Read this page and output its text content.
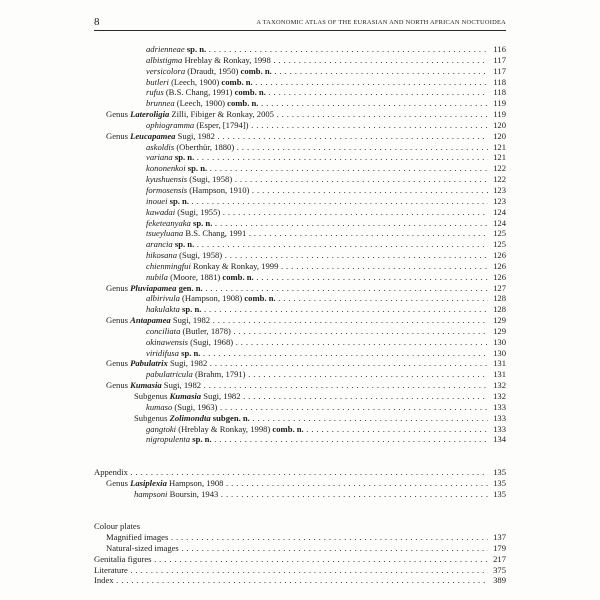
8	A TAXONOMIC ATLAS OF THE EURASIAN AND NORTH AFRICAN NOCTUOIDEA
adrienneae sp. n. . . .	116
albistigma Hreblay & Ronkay, 1998 . . .	117
versicolora (Draudt, 1950) comb. n. . . .	117
butleri (Leech, 1900) comb. n. . . .	118
rufus (B.S. Chang, 1991) comb. n. . . .	118
brunnea (Leech, 1900) comb. n. . . .	119
Genus Lateroligia Zilli, Fibiger & Ronkay, 2005 . . .	119
ophiogramma (Esper, [1794]) . . .	120
Genus Leucapamea Sugi, 1982 . . .	120
askoldis (Oberthür, 1880) . . .	121
variana sp. n. . . .	121
kononenkoi sp. n. . . .	122
kyushuensis (Sugi, 1958) . . .	122
formosensis (Hampson, 1910) . . .	123
inouei sp. n. . . .	123
kawadai (Sugi, 1955) . . .	124
feketeanyaka sp. n. . . .	124
tsueyluana B.S. Chang, 1991 . . .	125
arancia sp. n. . . .	125
hikosana (Sugi, 1958) . . .	126
chienmingfui Ronkay & Ronkay, 1999 . . .	126
nubila (Moore, 1881) comb. n. . . .	126
Genus Pluviapamea gen. n. . . .	127
albirivula (Hampson, 1908) comb. n. . . .	128
hakulakta sp. n. . . .	128
Genus Antapamea Sugi, 1982 . . .	129
conciliata (Butler, 1878) . . .	129
okinawensis (Sugi, 1968) . . .	130
viridifusa sp. n. . . .	130
Genus Pabulatrix Sugi, 1982 . . .	131
pabulatricula (Brahm, 1791) . . .	131
Genus Kumasia Sugi, 1982 . . .	132
Subgenus Kumasia Sugi, 1982 . . .	132
kumaso (Sugi, 1963) . . .	133
Subgenus Zolimondta subgen. n. . . .	133
gangtoki (Hreblay & Ronkay, 1998) comb. n. . . .	133
nigropulenta sp. n. . . .	134
Appendix . . .	135
Genus Lasiplexia Hampson, 1908 . . .	135
hampsoni Boursin, 1943 . . .	135
Colour plates
Magnified images . . .	137
Natural-sized images . . .	179
Genitalia figures . . .	217
Literature . . .	375
Index . . .	389
